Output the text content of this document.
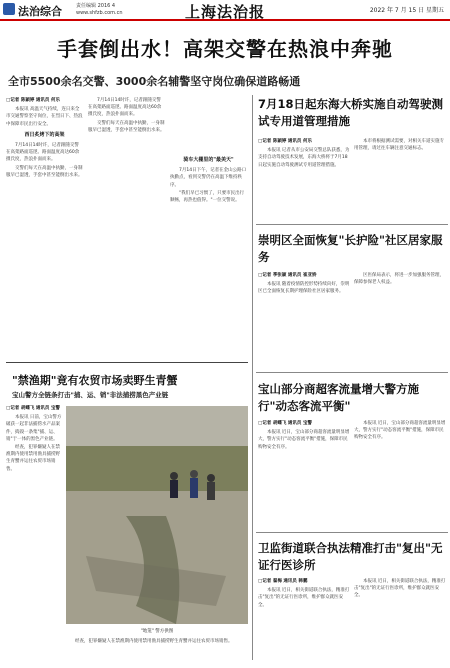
法治综合	责任编辑 2016 4
www.shfzb.com.cn	上海法治报	2022 年 7 月 15 日 星期五
手套倒出水！高架交警在热浪中奔驰
全市5500余名交警、3000余名辅警坚守岗位确保道路畅通
□记者 陈颖婷 通讯员 何乐

本报讯 高温天气持续，连日来全市交通警察坚守岗位，在烈日下、热浪中保障市民出行安全。

西日炙烤下的高架

7月14日14时许，记者跟随交警在高架路面巡逻。路面温度高达60余摄氏度，热浪扑面而来。

交警们每天在高温中执勤，一身制服早已湿透，手套中甚至能倒出水来。

7月14日14时许，记者跟随交警在高架路面巡逻。路面温度高达60余摄氏度，热浪扑面而来。

交警们每天在高温中执勤，一身制服早已湿透，手套中甚至能倒出水来。

骑车大棚里的"最美天"

7月14日下午，记者在金山公路口执勤点，看到交警仍在高温下维持秩序。

"我们早已习惯了，只要市民出行顺畅，再热也值得。"一位交警说。

7月18日起东海大桥实施自动驾驶测试专用道管理措施
□记者 陈颖婷 通讯员 何乐

本报讯 记者从市公安局交警总队获悉，为支持自动驾驶技术发展，东海大桥将于7月18日起实施自动驾驶测试专用道管理措施。

本市将根据测试需要，对相关车道实施专用管理，请过往车辆注意交通标志。

崇明区全面恢复"长护险"社区居家服务
□记者 季张颖 通讯员 崔亚娇

本报讯 随着疫情防控形势持续向好，崇明区已全面恢复长期护理保险社区居家服务。

区医保局表示，将进一步加强服务管理，保障参保老人权益。

"禁渔期"竟有农贸市场卖野生青蟹
宝山警方全链条打击"捕、运、销"非法捕捞黑色产业链
□记者 胡蝶飞 通讯员 宝警

本报讯 日前，宝山警方破获一起非法捕捞水产品案件，捣毁一条集"捕、运、销"于一体的黑色产业链。

经查，犯罪嫌疑人在禁渔期内使用禁用渔具捕捞野生青蟹并运往农贸市场销售。

"地笼" 警方供图

经查，犯罪嫌疑人在禁渔期内使用禁用渔具捕捞野生青蟹并运往农贸市场销售。

宝山部分商超客流量增大警方施行"动态客流平衡"
□记者 胡蝶飞 通讯员 宝警

本报讯 近日，宝山部分商超客流量明显增大，警方实行"动态客流平衡"措施，保障市民购物安全有序。

本报讯 近日，宝山部分商超客流量明显增大，警方实行"动态客流平衡"措施，保障市民购物安全有序。

卫监街道联合执法精准打击"复出"无证行医诊所
□记者 翟梅 通讯员 韩鹏

本报讯 近日，相关街道联合执法，精准打击"复出"的无证行医诊所，维护群众就医安全。

本报讯 近日，相关街道联合执法，精准打击"复出"的无证行医诊所，维护群众就医安全。
